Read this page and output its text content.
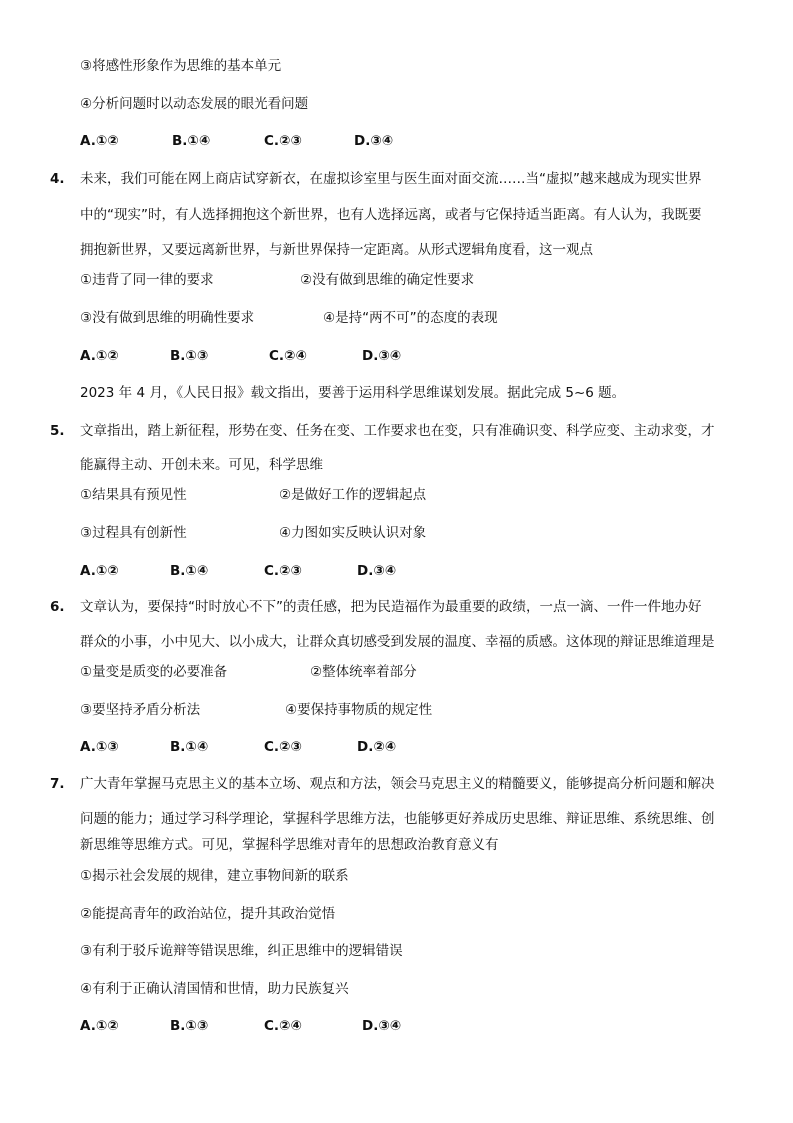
③将感性形象作为思维的基本单元

④分析问题时以动态发展的眼光看问题

A.①②	B.①④	C.②③	D.③④
4. 未来，我们可能在网上商店试穿新衣，在虚拟诊室里与医生面对面交流……当“虚拟”越来越成为现实世界

中的“现实”时，有人选择拥抱这个新世界，也有人选择远离，或者与它保持适当距离。有人认为，我既要

拥抱新世界，又要远离新世界，与新世界保持一定距离。从形式逻辑角度看，这一观点

①违背了同一律的要求	②没有做到思维的确定性要求
③没有做到思维的明确性要求	④是持“两不可”的态度的表现
A.①②	B.①③	C.②④	D.③④

2023 年 4 月，《人民日报》载文指出，要善于运用科学思维谋划发展。据此完成 5~6 题。

5. 文章指出，踏上新征程，形势在变、任务在变、工作要求也在变，只有准确识变、科学应变、主动求变，才

能赢得主动、开创未来。可见，科学思维

①结果具有预见性	②是做好工作的逻辑起点
③过程具有创新性	④力图如实反映认识对象
A.①②	B.①④	C.②③	D.③④
6. 文章认为，要保持“时时放心不下”的责任感，把为民造福作为最重要的政绩，一点一滴、一件一件地办好

群众的小事，小中见大、以小成大，让群众真切感受到发展的温度、幸福的质感。这体现的辩证思维道理是

①量变是质变的必要准备	②整体统率着部分
③要坚持矛盾分析法	④要保持事物质的规定性
A.①③	B.①④	C.②③	D.②④
7. 广大青年掌握马克思主义的基本立场、观点和方法，领会马克思主义的精髓要义，能够提高分析问题和解决

问题的能力；通过学习科学理论，掌握科学思维方法，也能够更好养成历史思维、辩证思维、系统思维、创

新思维等思维方式。可见，掌握科学思维对青年的思想政治教育意义有

①揭示社会发展的规律，建立事物间新的联系

②能提高青年的政治站位，提升其政治觉悟

③有利于驳斥诡辩等错误思维，纠正思维中的逻辑错误

④有利于正确认清国情和世情，助力民族复兴

A.①②	B.①③	C.②④	D.③④
